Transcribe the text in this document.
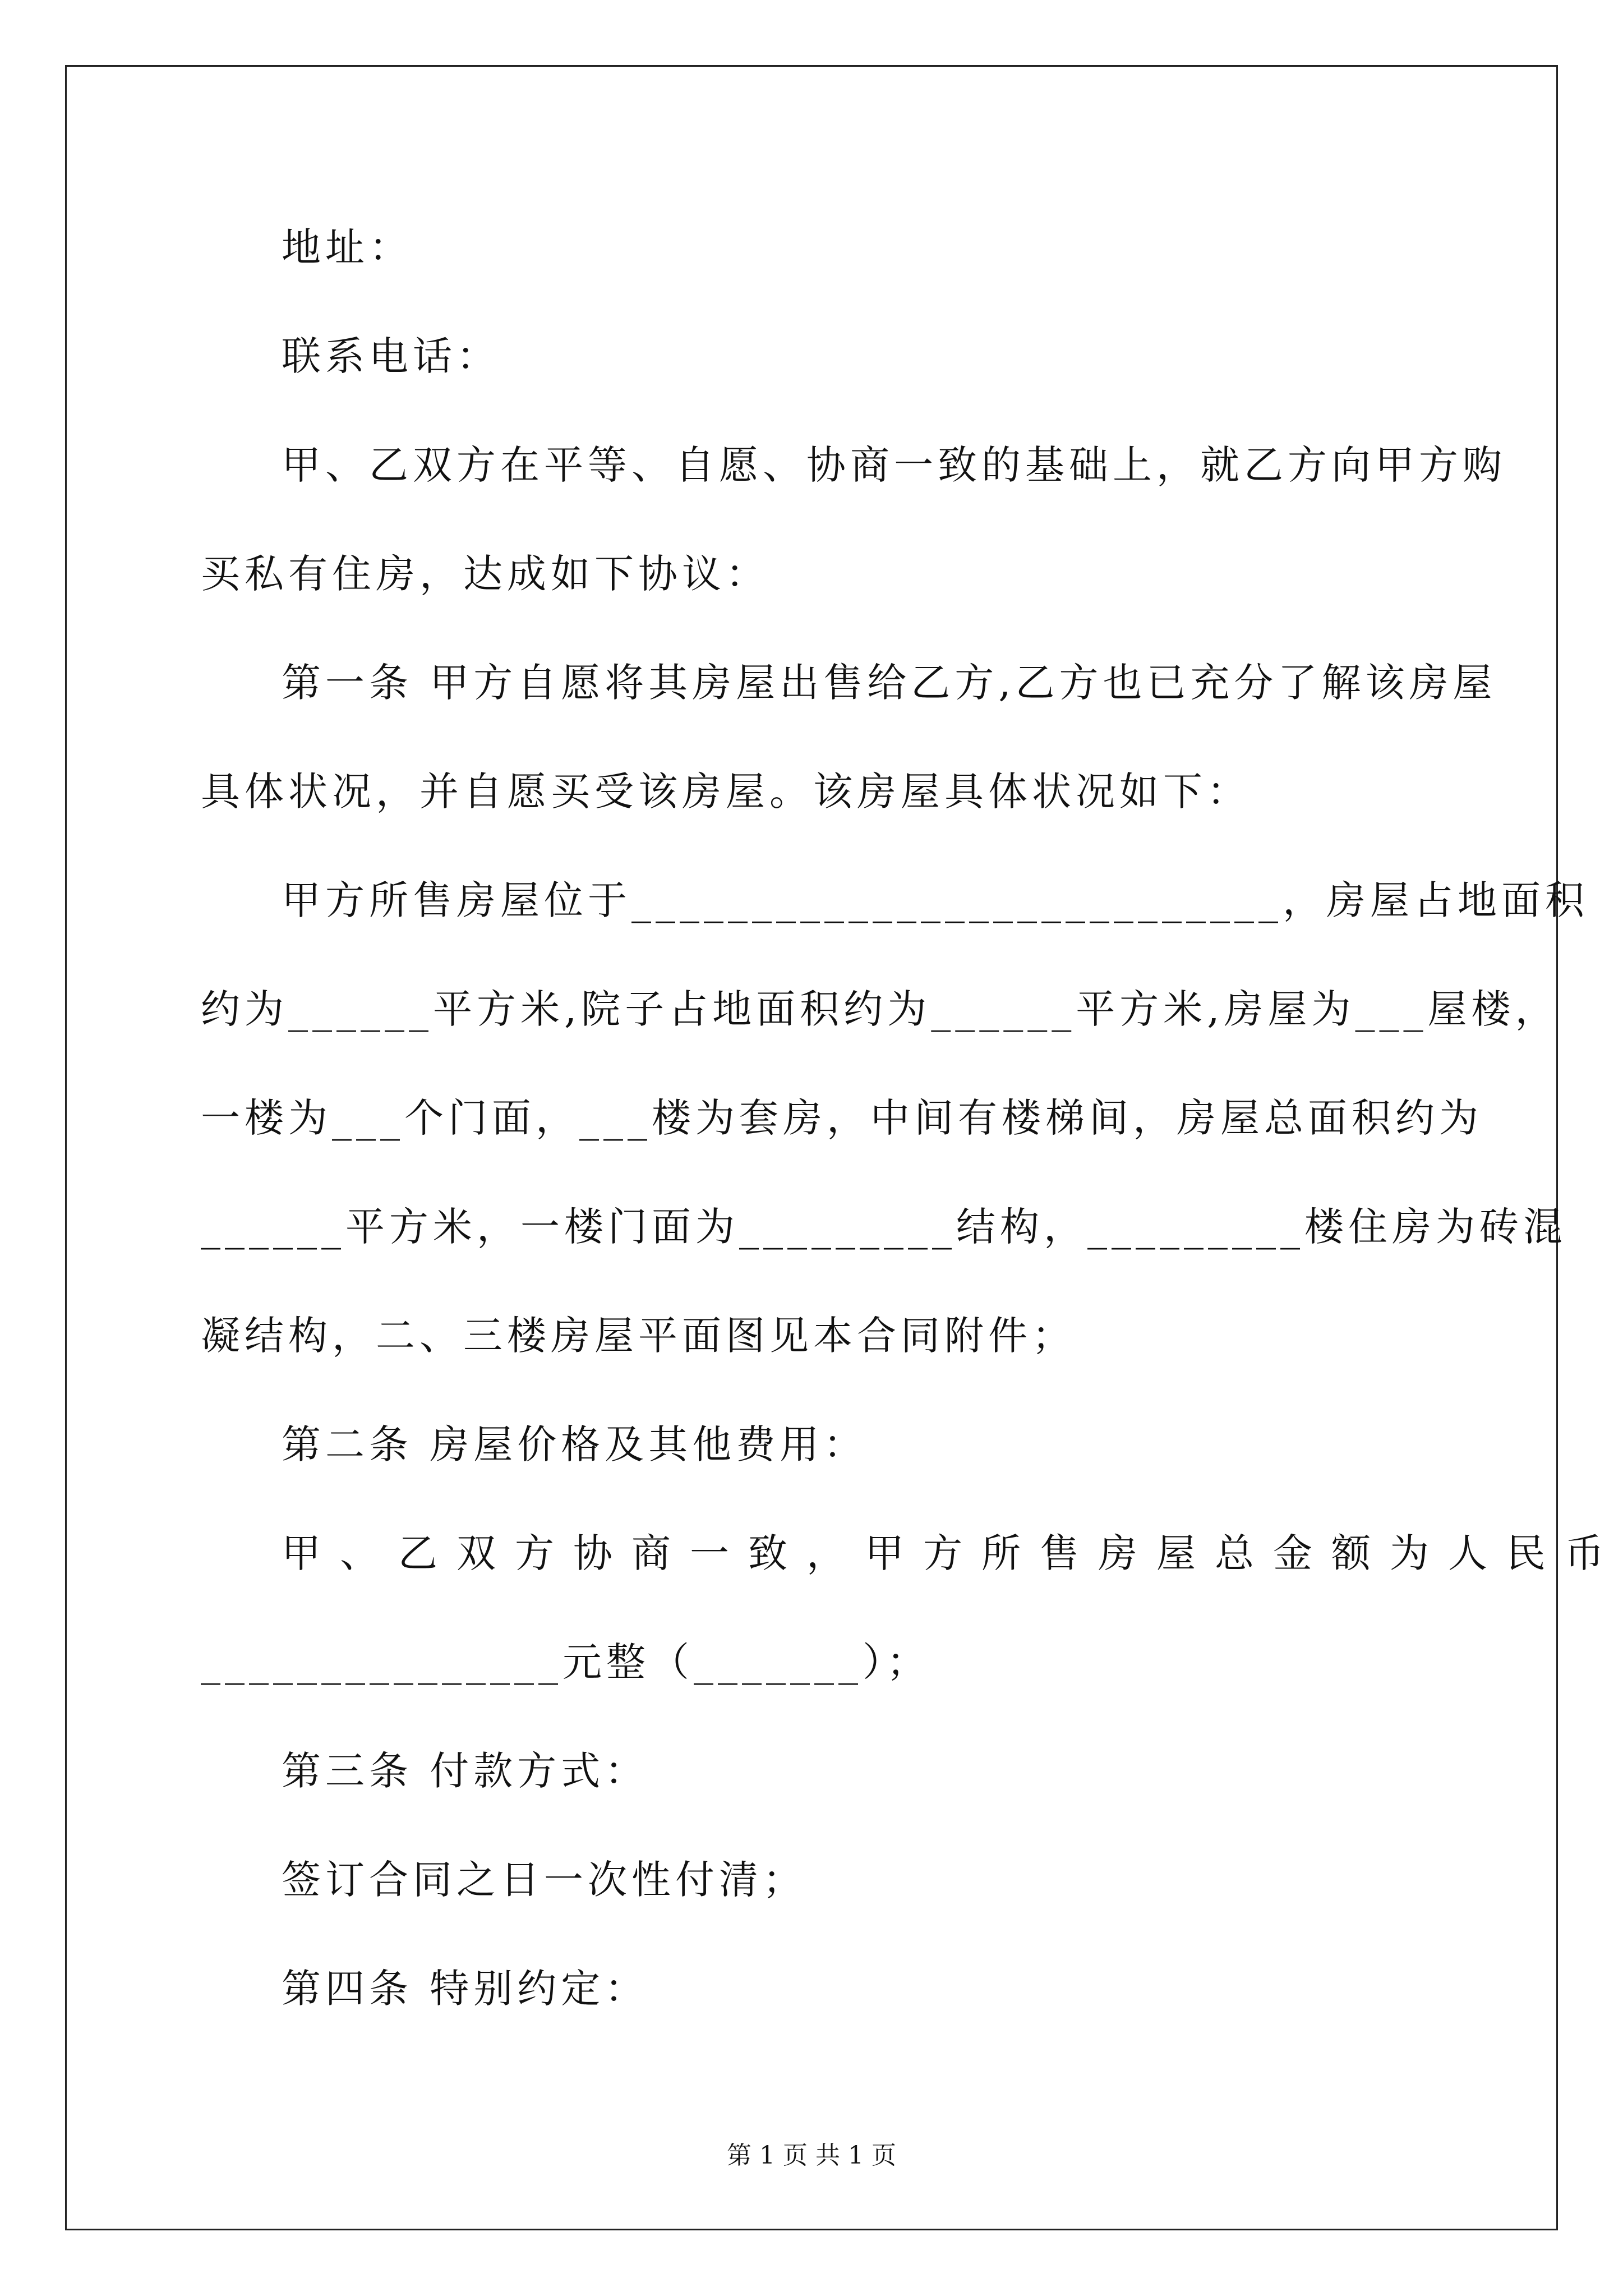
地址：

联系电话：

甲、乙双方在平等、自愿、协商一致的基础上，就乙方向甲方购

买私有住房，达成如下协议：

第一条 甲方自愿将其房屋出售给乙方,乙方也已充分了解该房屋

具体状况，并自愿买受该房屋。该房屋具体状况如下：

甲方所售房屋位于___________________________，房屋占地面积

约为______平方米,院子占地面积约为______平方米,房屋为___屋楼，

一楼为___个门面，___楼为套房，中间有楼梯间，房屋总面积约为

______平方米，一楼门面为_________结构，_________楼住房为砖混

凝结构，二、三楼房屋平面图见本合同附件；

第二条 房屋价格及其他费用：

甲、乙双方协商一致，甲方所售房屋总金额为人民币

_______________元整（_______）；

第三条 付款方式：

签订合同之日一次性付清；

第四条 特别约定：

第 1 页 共 1 页
